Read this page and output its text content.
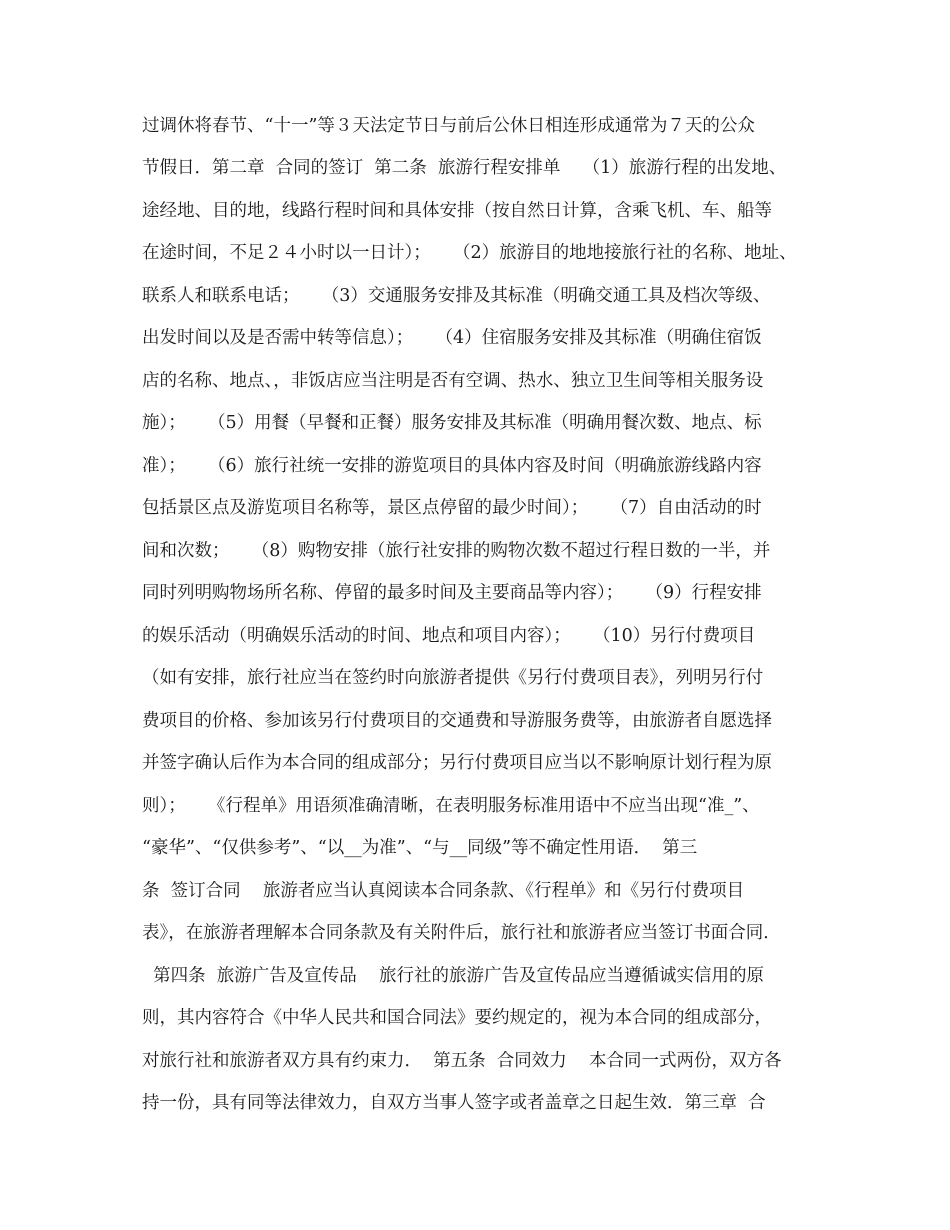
过调休将春节、“十一”等３天法定节日与前后公休日相连形成通常为７天的公众

节假日．第二章  合同的签订  第二条  旅游行程安排单    （1）旅游行程的出发地、

途经地、目的地，线路行程时间和具体安排（按自然日计算，含乘飞机、车、船等

在途时间，不足２４小时以一日计）；    （2）旅游目的地地接旅行社的名称、地址、

联系人和联系电话；    （3）交通服务安排及其标准（明确交通工具及档次等级、

出发时间以及是否需中转等信息）；    （4）住宿服务安排及其标准（明确住宿饭

店的名称、地点、，非饭店应当注明是否有空调、热水、独立卫生间等相关服务设

施）；    （5）用餐（早餐和正餐）服务安排及其标准（明确用餐次数、地点、标

准）；    （6）旅行社统一安排的游览项目的具体内容及时间（明确旅游线路内容

包括景区点及游览项目名称等，景区点停留的最少时间）；    （7）自由活动的时

间和次数；    （8）购物安排（旅行社安排的购物次数不超过行程日数的一半，并

同时列明购物场所名称、停留的最多时间及主要商品等内容）；    （9）行程安排

的娱乐活动（明确娱乐活动的时间、地点和项目内容）；    （10）另行付费项目

（如有安排，旅行社应当在签约时向旅游者提供《另行付费项目表》，列明另行付

费项目的价格、参加该另行付费项目的交通费和导游服务费等，由旅游者自愿选择

并签字确认后作为本合同的组成部分；另行付费项目应当以不影响原计划行程为原

则）；    《行程单》用语须准确清晰，在表明服务标准用语中不应当出现“准_”、

“豪华”、“仅供参考”、“以__为准”、“与__同级”等不确定性用语．  第三

条  签订合同    旅游者应当认真阅读本合同条款、《行程单》和《另行付费项目

表》，在旅游者理解本合同条款及有关附件后，旅行社和旅游者应当签订书面合同．

第四条  旅游广告及宣传品    旅行社的旅游广告及宣传品应当遵循诚实信用的原

则，其内容符合《中华人民共和国合同法》要约规定的，视为本合同的组成部分，

对旅行社和旅游者双方具有约束力．  第五条  合同效力    本合同一式两份，双方各

持一份，具有同等法律效力，自双方当事人签字或者盖章之日起生效．第三章  合
